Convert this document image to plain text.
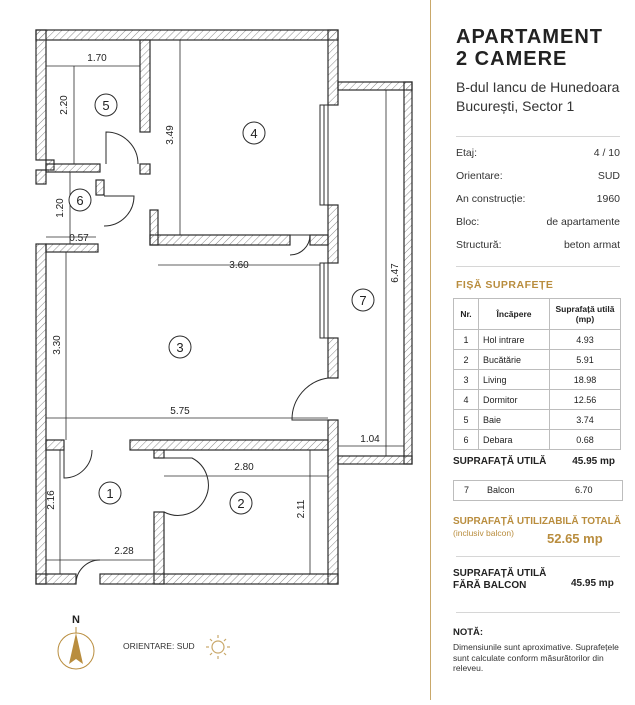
1
2
3
4
5
6
7
1.70
2.20
3.49
1.20
0.57
3.60	6.47
3.30
5.75
1.04
2.80
2.16	2.11
2.28
N
ORIENTARE: SUD
APARTAMENT
2 CAMERE
B-dul Iancu de Hunedoara
București, Sector 1
Etaj:	4 / 10
Orientare:	SUD
An construcție:	1960
Bloc:	de apartamente
Structură:	beton armat
FIȘĂ SUPRAFEȚE
Nr.	Încăpere	Suprafață utilă (mp)
1	Hol intrare	4.93
2	Bucătărie	5.91
3	Living	18.98
4	Dormitor	12.56
5	Baie	3.74
6	Debara	0.68
SUPRAFAȚĂ UTILĂ	45.95 mp
7 Balcon	6.70
SUPRAFAȚĂ UTILIZABILĂ TOTALĂ
(inclusiv balcon)	52.65 mp
SUPRAFAȚĂ UTILĂ
FĂRĂ BALCON	45.95 mp
NOTĂ:
Dimensiunile sunt aproximative. Suprafețele sunt calculate conform măsurătorilor din releveu.
